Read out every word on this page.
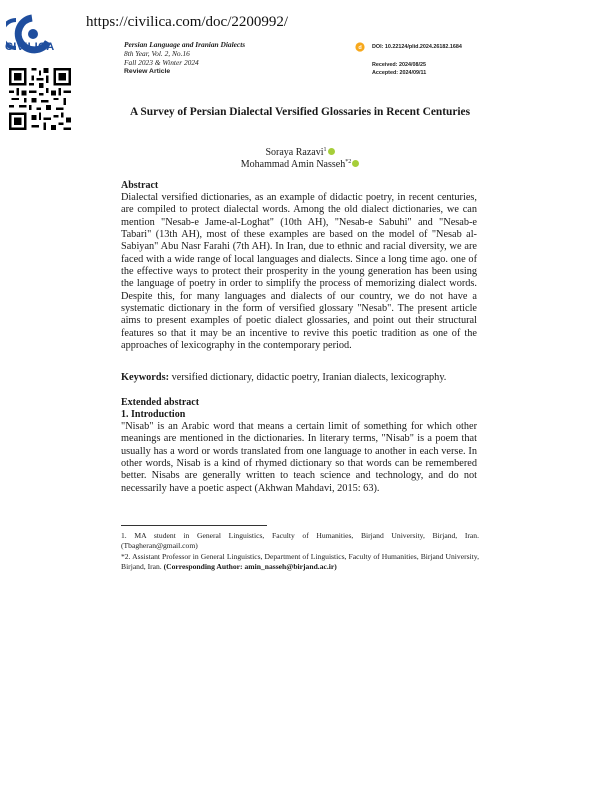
CIVILICA
https://civilica.com/doc/2200992/
Persian Language and Iranian Dialects
8th Year, Vol. 2, No.16
Fall 2023 & Winter 2024
Review Article
d DOI: 10.22124/plid.2024.26182.1684
Received: 2024/08/25
Accepted: 2024/09/11
A Survey of Persian Dialectal Versified Glossaries in Recent Centuries
Soraya Razavi$^1$
Mohammad Amin Nasseh$^{*2}$
Abstract
Dialectal versified dictionaries, as an example of didactic poetry, in recent centuries, are compiled to protect dialectal words. Among the old dialect dictionaries, we can mention "Nesab-e Jame-al-Loghat" (10th AH), "Nesab-e Sabuhi" and "Nesab-e Tabari" (13th AH), most of these examples are based on the model of "Nesab al-Sabiyan" Abu Nasr Farahi (7th AH). In Iran, due to ethnic and racial diversity, we are faced with a wide range of local languages and dialects. Since a long time ago. one of the effective ways to protect their prosperity in the young generation has been using the language of poetry in order to simplify the process of memorizing dialect words. Despite this, for many languages and dialects of our country, we do not have a systematic dictionary in the form of versified glossary "Nesab". The present article aims to present examples of poetic dialect glossaries, and point out their structural features so that it may be an incentive to revive this poetic tradition as one of the approaches of lexicography in the contemporary period.
Keywords: versified dictionary, didactic poetry, Iranian dialects, lexicography.
Extended abstract
1. Introduction
"Nisab" is an Arabic word that means a certain limit of something for which other meanings are mentioned in the dictionaries. In literary terms, "Nisab" is a poem that usually has a word or words translated from one language to another in each verse. In other words, Nisab is a kind of rhymed dictionary so that words can be remembered better. Nisabs are generally written to teach science and technology, and do not necessarily have a poetic aspect (Akhwan Mahdavi, 2015: 63).
1. MA student in General Linguistics, Faculty of Humanities, Birjand University, Birjand, Iran. (Tbagheran@gmail.com)
*2. Assistant Professor in General Linguistics, Department of Linguistics, Faculty of Humanities, Birjand University, Birjand, Iran. (Corresponding Author: amin_nasseh@birjand.ac.ir)
